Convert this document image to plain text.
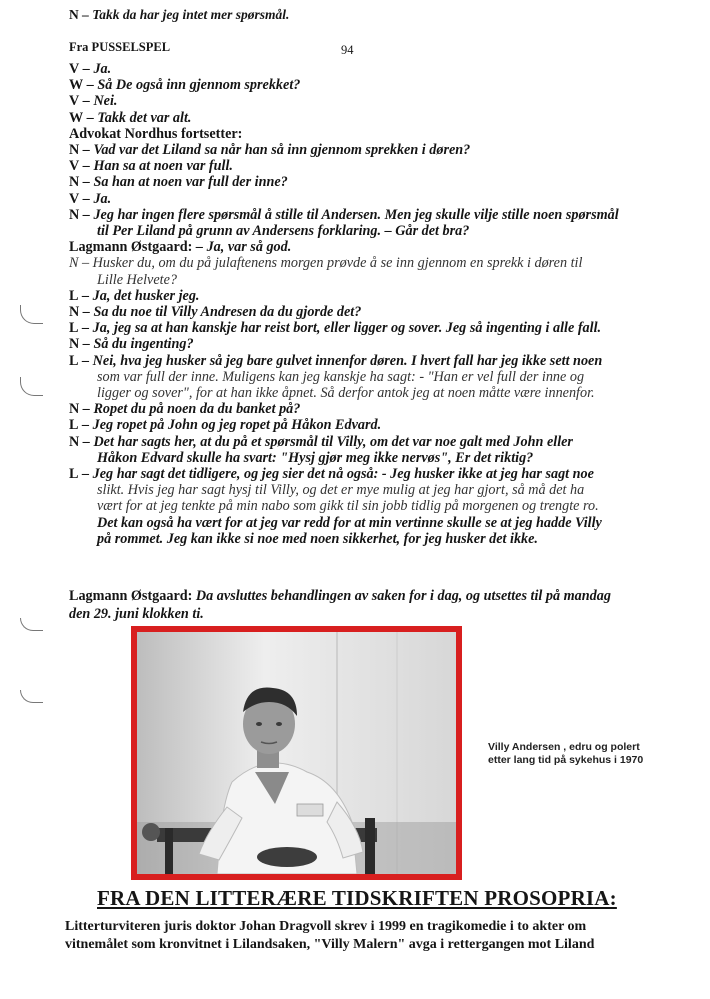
Fra PUSSELSPEL	94
V – Ja.
W – Så De også inn gjennom sprekket?
V – Nei.
W – Takk det var alt.
Advokat Nordhus fortsetter:
N – Vad var det Liland sa når han så inn gjennom sprekken i døren?
V – Han sa at noen var full.
N – Sa han at noen var full der inne?
V – Ja.
N – Jeg har ingen flere spørsmål å stille til Andersen. Men jeg skulle vilje stille noen spørsmål
til Per Liland på grunn av Andersens forklaring. – Går det bra?
Lagmann Østgaard: – Ja, var så god.
N – Husker du, om du på julaftenens morgen prøvde å se inn gjennom en sprekk i døren til
Lille Helvete?
L – Ja, det husker jeg.
N – Sa du noe til Villy Andresen da du gjorde det?
L – Ja, jeg sa at han kanskje har reist bort, eller ligger og sover. Jeg så ingenting i alle fall.
N – Så du ingenting?
L – Nei, hva jeg husker så jeg bare gulvet innenfor døren. I hvert fall har jeg ikke sett noen
som var full der inne. Muligens kan jeg kanskje ha sagt: - "Han er vel full der inne og
ligger og sover", for at han ikke åpnet. Så derfor antok jeg at noen måtte være innenfor.
N – Ropet du på noen da du banket på?
L – Jeg ropet på John og jeg ropet på Håkon Edvard.
N – Det har sagts her, at du på et spørsmål til Villy, om det var noe galt med John eller
Håkon Edvard skulle ha svart: "Hysj gjør meg ikke nervøs", Er det riktig?
L – Jeg har sagt det tidligere, og jeg sier det nå også: - Jeg husker ikke at jeg har sagt noe
slikt. Hvis jeg har sagt hysj til Villy, og det er mye mulig at jeg har gjort, så må det ha
vært for at jeg tenkte på min nabo som gikk til sin jobb tidlig på morgenen og trengte ro.
Det kan også ha vært for at jeg var redd for at min vertinne skulle se at jeg hadde Villy
på rommet. Jeg kan ikke si noe med noen sikkerhet, for jeg husker det ikke.
N – Takk da har jeg intet mer spørsmål.
Lagmann Østgaard: Da avsluttes behandlingen av saken for i dag, og utsettes til på mandag
den 29. juni klokken ti.
Villy Andersen , edru og polert
etter lang tid på sykehus i 1970
FRA DEN LITTERÆRE TIDSKRIFTEN PROSOPRIA:
Litterturviteren juris doktor Johan Dragvoll skrev i 1999 en tragikomedie i to akter om
vitnemålet som kronvitnet i Lilandsaken, "Villy Malern" avga i rettergangen mot Liland
